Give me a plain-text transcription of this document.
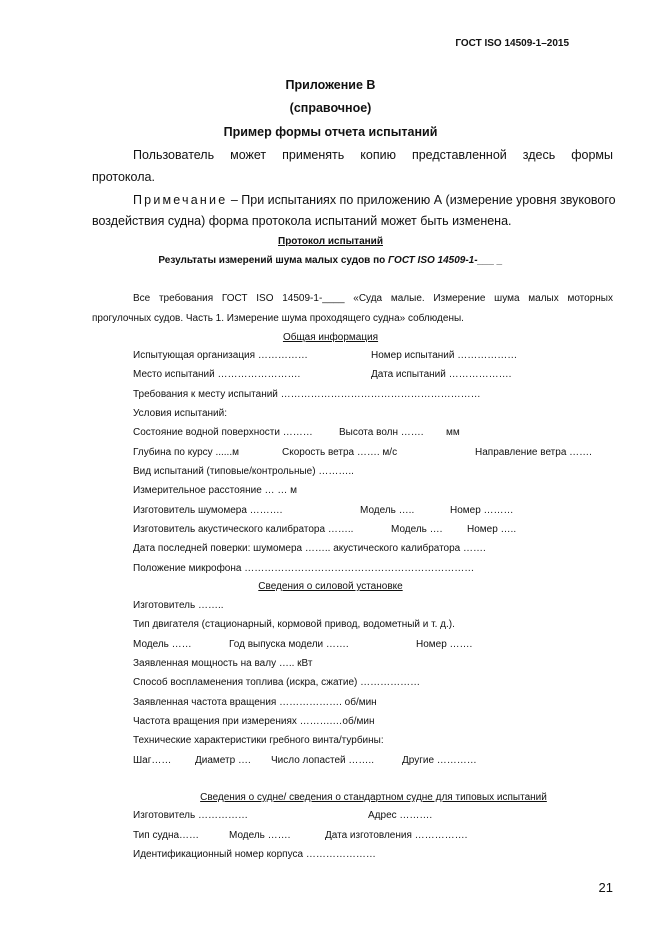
ГОСТ ISO 14509-1–2015
Приложение В
(справочное)
Пример формы отчета испытаний
Пользователь может применять копию представленной здесь формы
протокола.
Примечание – При испытаниях по приложению А (измерение уровня звукового
воздействия судна) форма протокола испытаний может быть изменена.
Протокол испытаний
Результаты измерений шума малых судов по ГОСТ ISO 14509-1-___ _
Все требования ГОСТ ISO 14509-1-____ «Суда малые. Измерение шума малых моторных
прогулочных судов. Часть 1. Измерение шума проходящего судна» соблюдены.
Общая информация
Испытующая организация ……………	Номер испытаний ………………
Место испытаний …………………….	Дата испытаний ……………….
Требования к месту испытаний ……………………………………………………
Условия испытаний:
Состояние водной поверхности ………	Высота волн ……. мм
Глубина по курсу ......м	Скорость ветра ……. м/с	Направление ветра …….
Вид испытаний (типовые/контрольные) ………..
Измерительное расстояние … … м
Изготовитель шумомера ……….	Модель …..	Номер ………
Изготовитель акустического калибратора ……..	Модель …. Номер …..
Дата последней поверки: шумомера …….. акустического калибратора …….
Положение микрофона ……………………………………………………………
Сведения о силовой установке
Изготовитель ……..
Тип двигателя (стационарный, кормовой привод, водометный и т. д.).
Модель ……	Год выпуска модели …….	Номер …….
Заявленная мощность на валу ….. кВт
Способ воспламенения топлива (искра, сжатие) ………………
Заявленная частота вращения ………………. об/мин
Частота вращения при измерениях ……….…об/мин
Технические характеристики гребного винта/турбины:
Шаг…… Диаметр …. Число лопастей ……..	Другие …………
Сведения о судне/ сведения о стандартном судне для типовых испытаний
Изготовитель ……………	Адрес ……….
Тип судна……	Модель …….	Дата изготовления …………….
Идентификационный номер корпуса …………………
21
